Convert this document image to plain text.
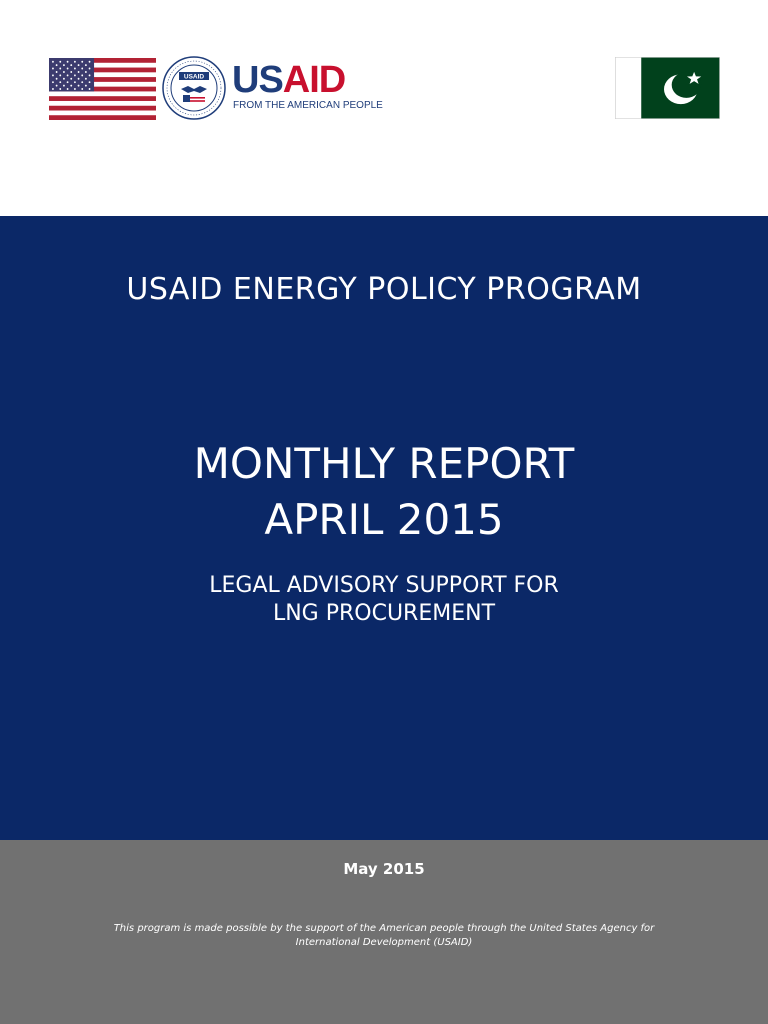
USAID USAID
FROM THE AMERICAN PEOPLE
USAID ENERGY POLICY PROGRAM
MONTHLY REPORT
APRIL 2015
LEGAL ADVISORY SUPPORT FOR
LNG PROCUREMENT
May 2015
This program is made possible by the support of the American people through the United States Agency for International Development (USAID)
